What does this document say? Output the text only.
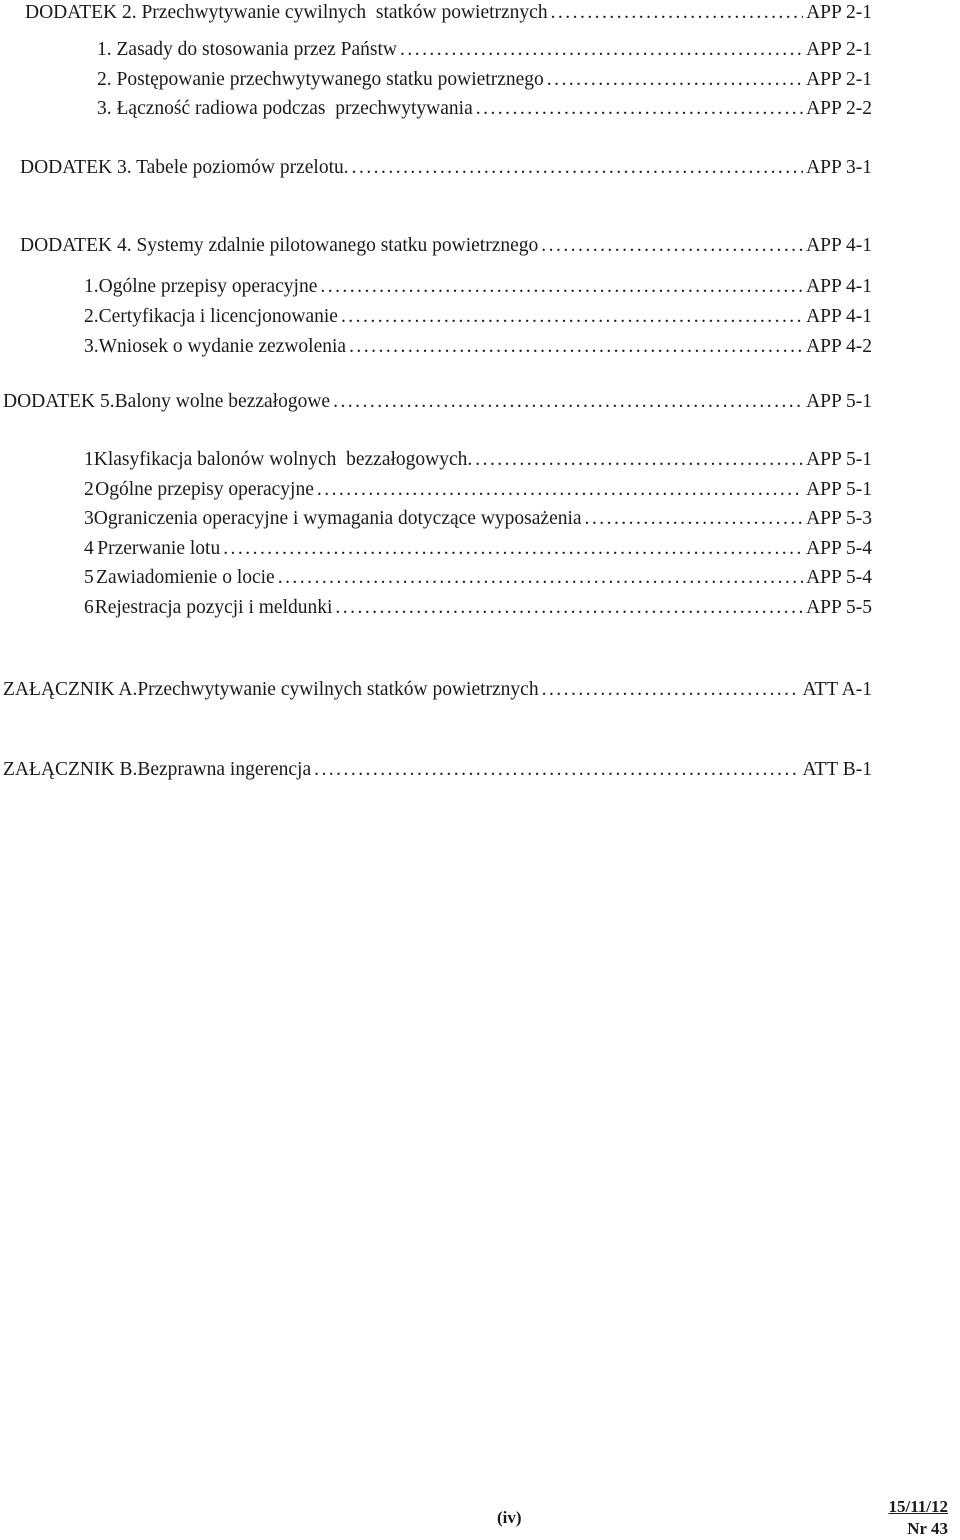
DODATEK 2. Przechwytywanie cywilnych  statków powietrznych . . .	APP 2-1
1. Zasady do stosowania przez Państw . . .	APP 2-1
2. Postępowanie przechwytywanego statku powietrznego . . .	APP 2-1
3. Łączność radiowa podczas  przechwytywania . . .	APP 2-2
DODATEK 3. Tabele poziomów przelotu. . . .	APP 3-1
DODATEK 4. Systemy zdalnie pilotowanego statku powietrznego . . .	APP 4-1
1. Ogólne przepisy operacyjne . . .	APP 4-1
2. Certyfikacja i licencjonowanie . . .	APP 4-1
3. Wniosek o wydanie zezwolenia . . .	APP 4-2
DODATEK 5. Balony wolne bezzałogowe . . .	APP 5-1
1 Klasyfikacja balonów wolnych  bezzałogowych. . . .	APP 5-1
2 Ogólne przepisy operacyjne . . .	APP 5-1
3 Ograniczenia operacyjne i wymagania dotyczące wyposażenia . . .	APP 5-3
4 Przerwanie lotu . . .	APP 5-4
5 Zawiadomienie o locie . . .	APP 5-4
6 Rejestracja pozycji i meldunki . . .	APP 5-5
ZAŁĄCZNIK A. Przechwytywanie cywilnych statków powietrznych . . .	ATT A-1
ZAŁĄCZNIK B. Bezprawna ingerencja . . .	ATT B-1
(iv)
15/11/12
Nr 43
